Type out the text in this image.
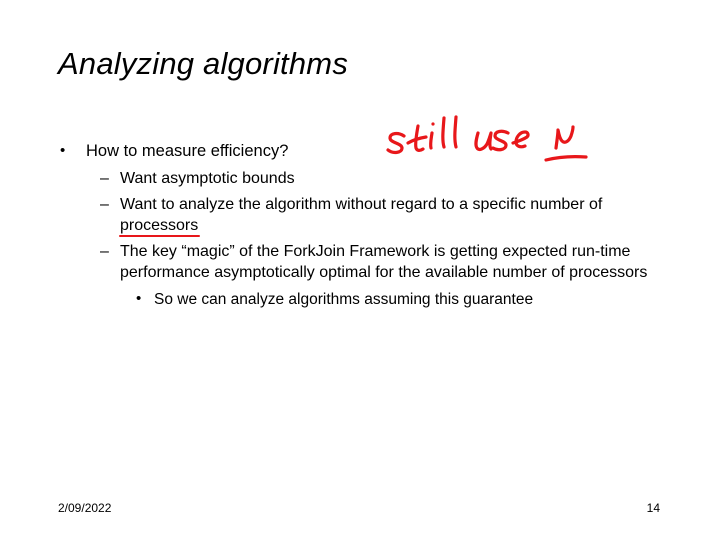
Analyzing algorithms
• How to measure efficiency?
– Want asymptotic bounds
– Want to analyze the algorithm without regard to a specific number of processors
– The key “magic” of the ForkJoin Framework is getting expected run-time performance asymptotically optimal for the available number of processors
• So we can analyze algorithms assuming this guarantee
2/09/2022	14
